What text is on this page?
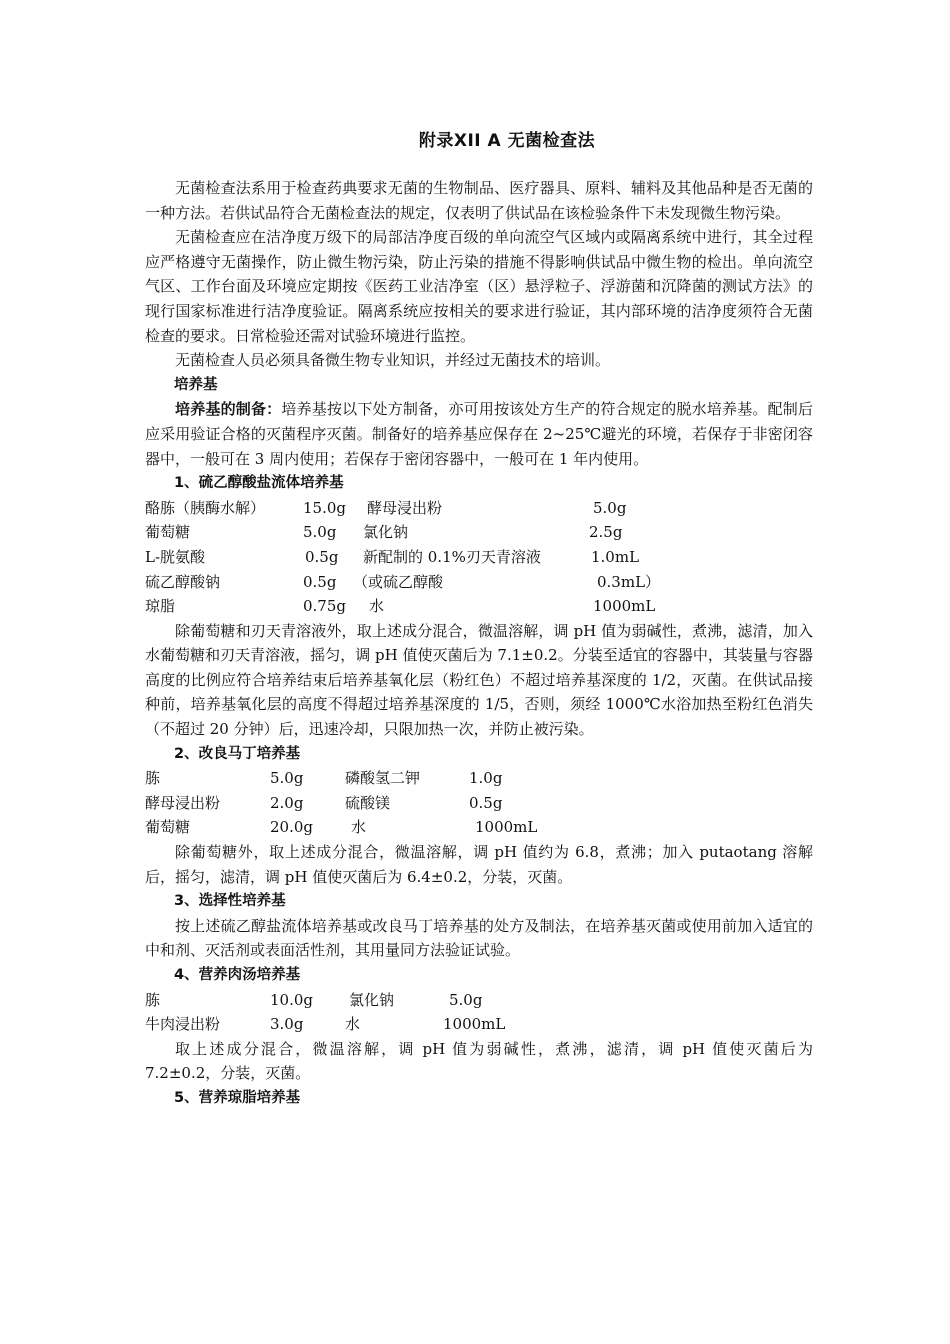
附录XII A 无菌检查法

无菌检查法系用于检查药典要求无菌的生物制品、医疗器具、原料、辅料及其他品种是否无菌的一种方法。若供试品符合无菌检查法的规定，仅表明了供试品在该检验条件下未发现微生物污染。

无菌检查应在洁净度万级下的局部洁净度百级的单向流空气区域内或隔离系统中进行，其全过程应严格遵守无菌操作，防止微生物污染，防止污染的措施不得影响供试品中微生物的检出。单向流空气区、工作台面及环境应定期按《医药工业洁净室（区）悬浮粒子、浮游菌和沉降菌的测试方法》的现行国家标准进行洁净度验证。隔离系统应按相关的要求进行验证，其内部环境的洁净度须符合无菌检查的要求。日常检验还需对试验环境进行监控。

无菌检查人员必须具备微生物专业知识，并经过无菌技术的培训。

培养基

培养基的制备：培养基按以下处方制备，亦可用按该处方生产的符合规定的脱水培养基。配制后应采用验证合格的灭菌程序灭菌。制备好的培养基应保存在 2~25℃避光的环境，若保存于非密闭容器中，一般可在 3 周内使用；若保存于密闭容器中，一般可在 1 年内使用。

1、硫乙醇酸盐流体培养基

酪胨（胰酶水解）	15.0g 酵母浸出粉	5.0g
葡萄糖	5.0g 氯化钠	2.5g
L-胱氨酸	0.5g 新配制的 0.1%刃天青溶液	1.0mL
硫乙醇酸钠	0.5g （或硫乙醇酸	0.3mL）
琼脂	0.75g 水	1000mL

除葡萄糖和刃天青溶液外，取上述成分混合，微温溶解，调 pH 值为弱碱性，煮沸，滤清，加入水葡萄糖和刃天青溶液，摇匀，调 pH 值使灭菌后为 7.1±0.2。分装至适宜的容器中，其装量与容器高度的比例应符合培养结束后培养基氧化层（粉红色）不超过培养基深度的 1/2，灭菌。在供试品接种前，培养基氧化层的高度不得超过培养基深度的 1/5，否则，须经 1000℃水浴加热至粉红色消失（不超过 20 分钟）后，迅速冷却，只限加热一次，并防止被污染。

2、改良马丁培养基

胨	5.0g	磷酸氢二钾	1.0g
酵母浸出粉	2.0g	硫酸镁	0.5g
葡萄糖	20.0g	水	1000mL

除葡萄糖外，取上述成分混合，微温溶解，调 pH 值约为 6.8，煮沸；加入 putaotang 溶解后，摇匀，滤清，调 pH 值使灭菌后为 6.4±0.2，分装，灭菌。

3、选择性培养基

按上述硫乙醇盐流体培养基或改良马丁培养基的处方及制法，在培养基灭菌或使用前加入适宜的中和剂、灭活剂或表面活性剂，其用量同方法验证试验。

4、营养肉汤培养基

胨	10.0g 氯化钠	5.0g
牛肉浸出粉	3.0g	水	1000mL

取上述成分混合，微温溶解，调 pH 值为弱碱性，煮沸，滤清，调 pH 值使灭菌后为 7.2±0.2，分装，灭菌。

5、营养琼脂培养基
